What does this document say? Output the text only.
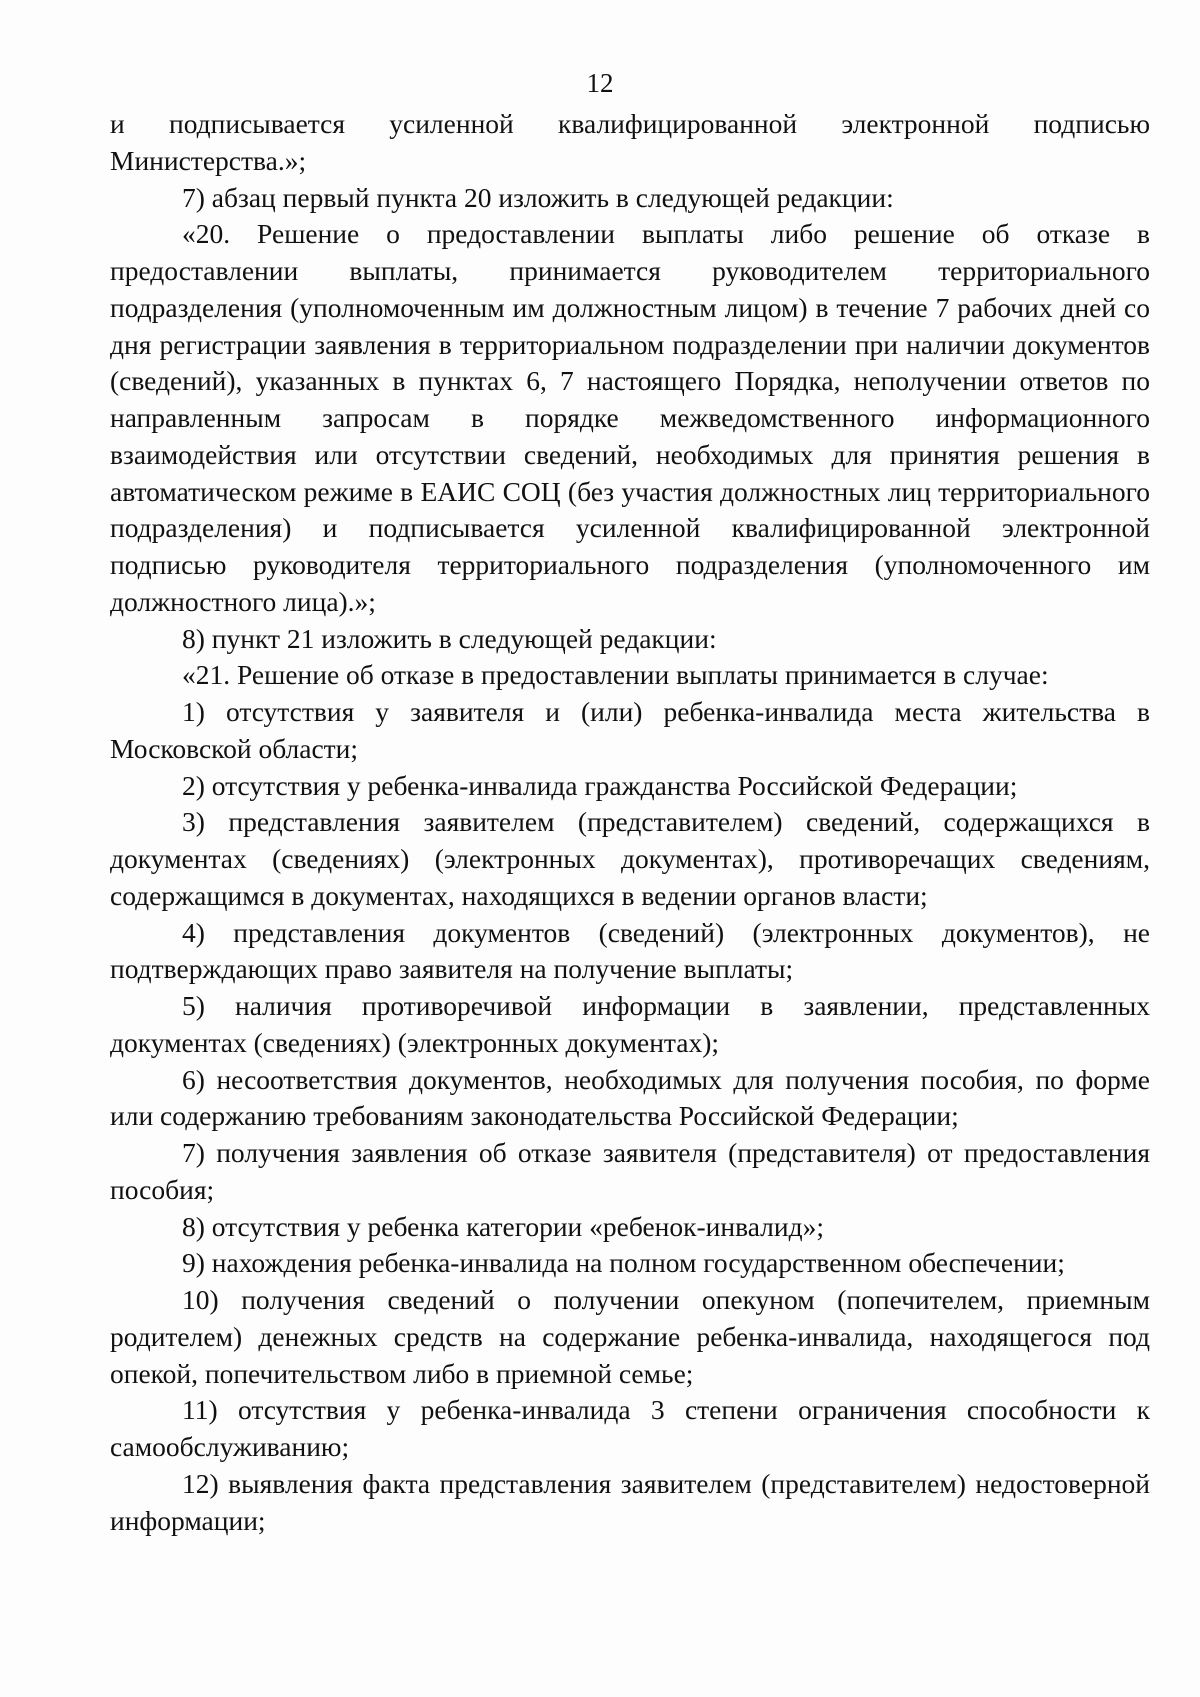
12

и подписывается усиленной квалифицированной электронной подписью Министерства.»;

7) абзац первый пункта 20 изложить в следующей редакции:

«20. Решение о предоставлении выплаты либо решение об отказе в предоставлении выплаты, принимается руководителем территориального подразделения (уполномоченным им должностным лицом) в течение 7 рабочих дней со дня регистрации заявления в территориальном подразделении при наличии документов (сведений), указанных в пунктах 6, 7 настоящего Порядка, неполучении ответов по направленным запросам в порядке межведомственного информационного взаимодействия или отсутствии сведений, необходимых для принятия решения в автоматическом режиме в ЕАИС СОЦ (без участия должностных лиц территориального подразделения) и подписывается усиленной квалифицированной электронной подписью руководителя территориального подразделения (уполномоченного им должностного лица).»;

8) пункт 21 изложить в следующей редакции:

«21. Решение об отказе в предоставлении выплаты принимается в случае:

1) отсутствия у заявителя и (или) ребенка-инвалида места жительства в Московской области;

2) отсутствия у ребенка-инвалида гражданства Российской Федерации;

3) представления заявителем (представителем) сведений, содержащихся в документах (сведениях) (электронных документах), противоречащих сведениям, содержащимся в документах, находящихся в ведении органов власти;

4) представления документов (сведений) (электронных документов), не подтверждающих право заявителя на получение выплаты;

5) наличия противоречивой информации в заявлении, представленных документах (сведениях) (электронных документах);

6) несоответствия документов, необходимых для получения пособия, по форме или содержанию требованиям законодательства Российской Федерации;

7) получения заявления об отказе заявителя (представителя) от предоставления пособия;

8) отсутствия у ребенка категории «ребенок-инвалид»;

9) нахождения ребенка-инвалида на полном государственном обеспечении;

10) получения сведений о получении опекуном (попечителем, приемным родителем) денежных средств на содержание ребенка-инвалида, находящегося под опекой, попечительством либо в приемной семье;

11) отсутствия у ребенка-инвалида 3 степени ограничения способности к самообслуживанию;

12) выявления факта представления заявителем (представителем) недостоверной информации;
